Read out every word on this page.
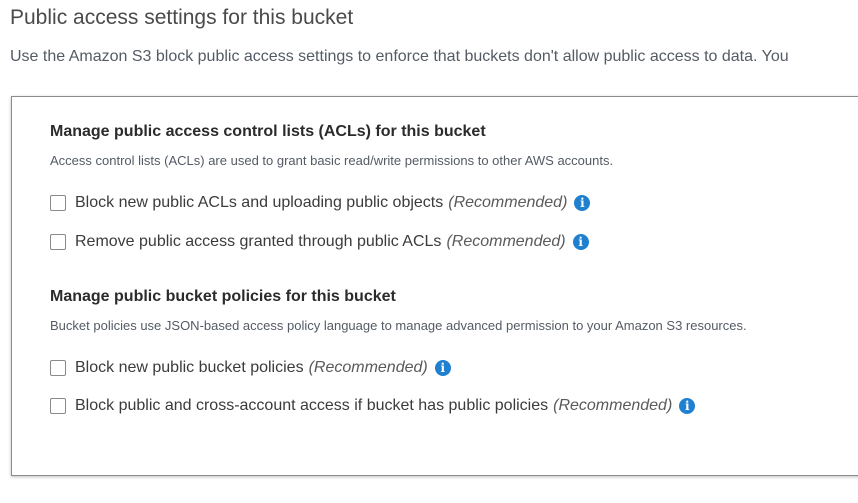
Public access settings for this bucket
Use the Amazon S3 block public access settings to enforce that buckets don't allow public access to data. You
Manage public access control lists (ACLs) for this bucket
Access control lists (ACLs) are used to grant basic read/write permissions to other AWS accounts.
Block new public ACLs and uploading public objects (Recommended)	i
Remove public access granted through public ACLs (Recommended)	i
Manage public bucket policies for this bucket
Bucket policies use JSON-based access policy language to manage advanced permission to your Amazon S3 resources.
Block new public bucket policies (Recommended)	i
Block public and cross-account access if bucket has public policies (Recommended)	i
